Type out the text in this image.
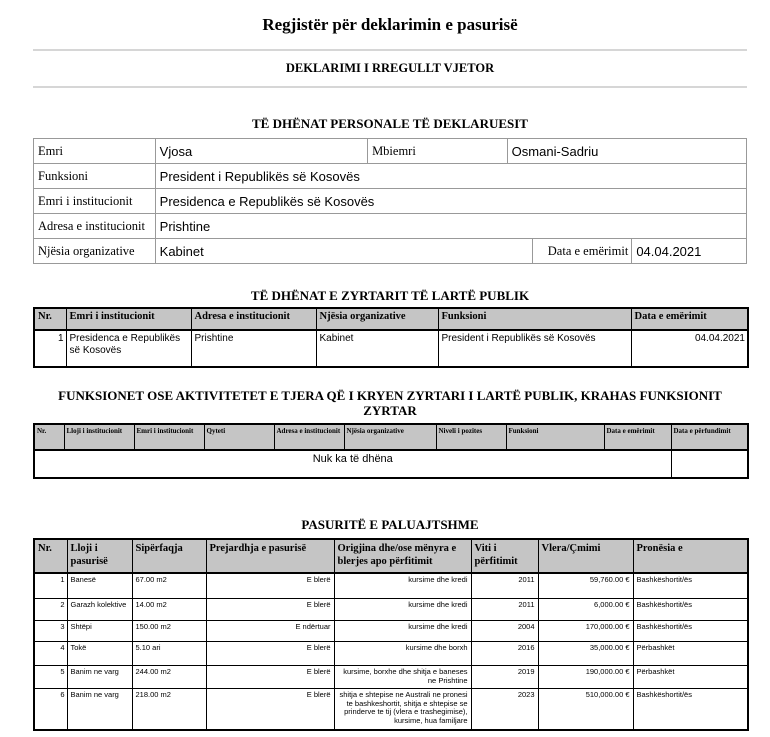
Regjistër për deklarimin e pasurisë
DEKLARIMI I RREGULLT VJETOR
TË DHËNAT PERSONALE TË DEKLARUESIT
Emri	Vjosa	Mbiemri	Osmani-Sadriu
Funksioni	President i Republikës së Kosovës
Emri i institucionit	Presidenca e Republikës së Kosovës
Adresa e institucionit	Prishtine
Njësia organizative	Kabinet	Data e emërimit 04.04.2021
TË DHËNAT E ZYRTARIT TË LARTË PUBLIK
Nr.	Emri i institucionit	Adresa e institucionit	Njësia organizative	Funksioni	Data e emërimit
1	Presidenca e Republikës së Kosovës	Prishtine	Kabinet	President i Republikës së Kosovës	04.04.2021
FUNKSIONET OSE AKTIVITETET E TJERA QË I KRYEN ZYRTARI I LARTË PUBLIK, KRAHAS FUNKSIONIT ZYRTAR
Nr.	Lloji i institucionit	Emri i institucionit	Qyteti	Adresa e institucionit	Njësia organizative	Niveli i pozites	Funksioni	Data e emërimit	Data e përfundimit
Nuk ka të dhëna									
PASURITË E PALUAJTSHME
Nr.	Lloji i pasurisë	Sipërfaqja	Prejardhja e pasurisë	Origjina dhe/ose mënyra e blerjes apo përfitimit	Viti i përfitimit	Vlera/Çmimi	Pronësia e
1	Banesë	67.00 m2	E blerë	kursime dhe kredi	2011	59,760.00 €	Bashkëshortit/ës
2	Garazh kolektive	14.00 m2	E blerë	kursime dhe kredi	2011	6,000.00 €	Bashkëshortit/ës
3	Shtëpi	150.00 m2	E ndërtuar	kursime dhe kredi	2004	170,000.00 €	Bashkëshortit/ës
4	Tokë	5.10 ari	E blerë	kursime dhe borxh	2016	35,000.00 €	Përbashkët
5	Banim ne varg	244.00 m2	E blerë	kursime, borxhe dhe shitja e baneses ne Prishtine	2019	190,000.00 €	Përbashkët
6	Banim ne varg	218.00 m2	E blerë	shitja e shtepise ne Australi ne pronesi te bashkeshortit, shitja e shtepise se prinderve te tij (vlera e trashegimise), kursime, hua familjare	2023	510,000.00 €	Bashkëshortit/ës
